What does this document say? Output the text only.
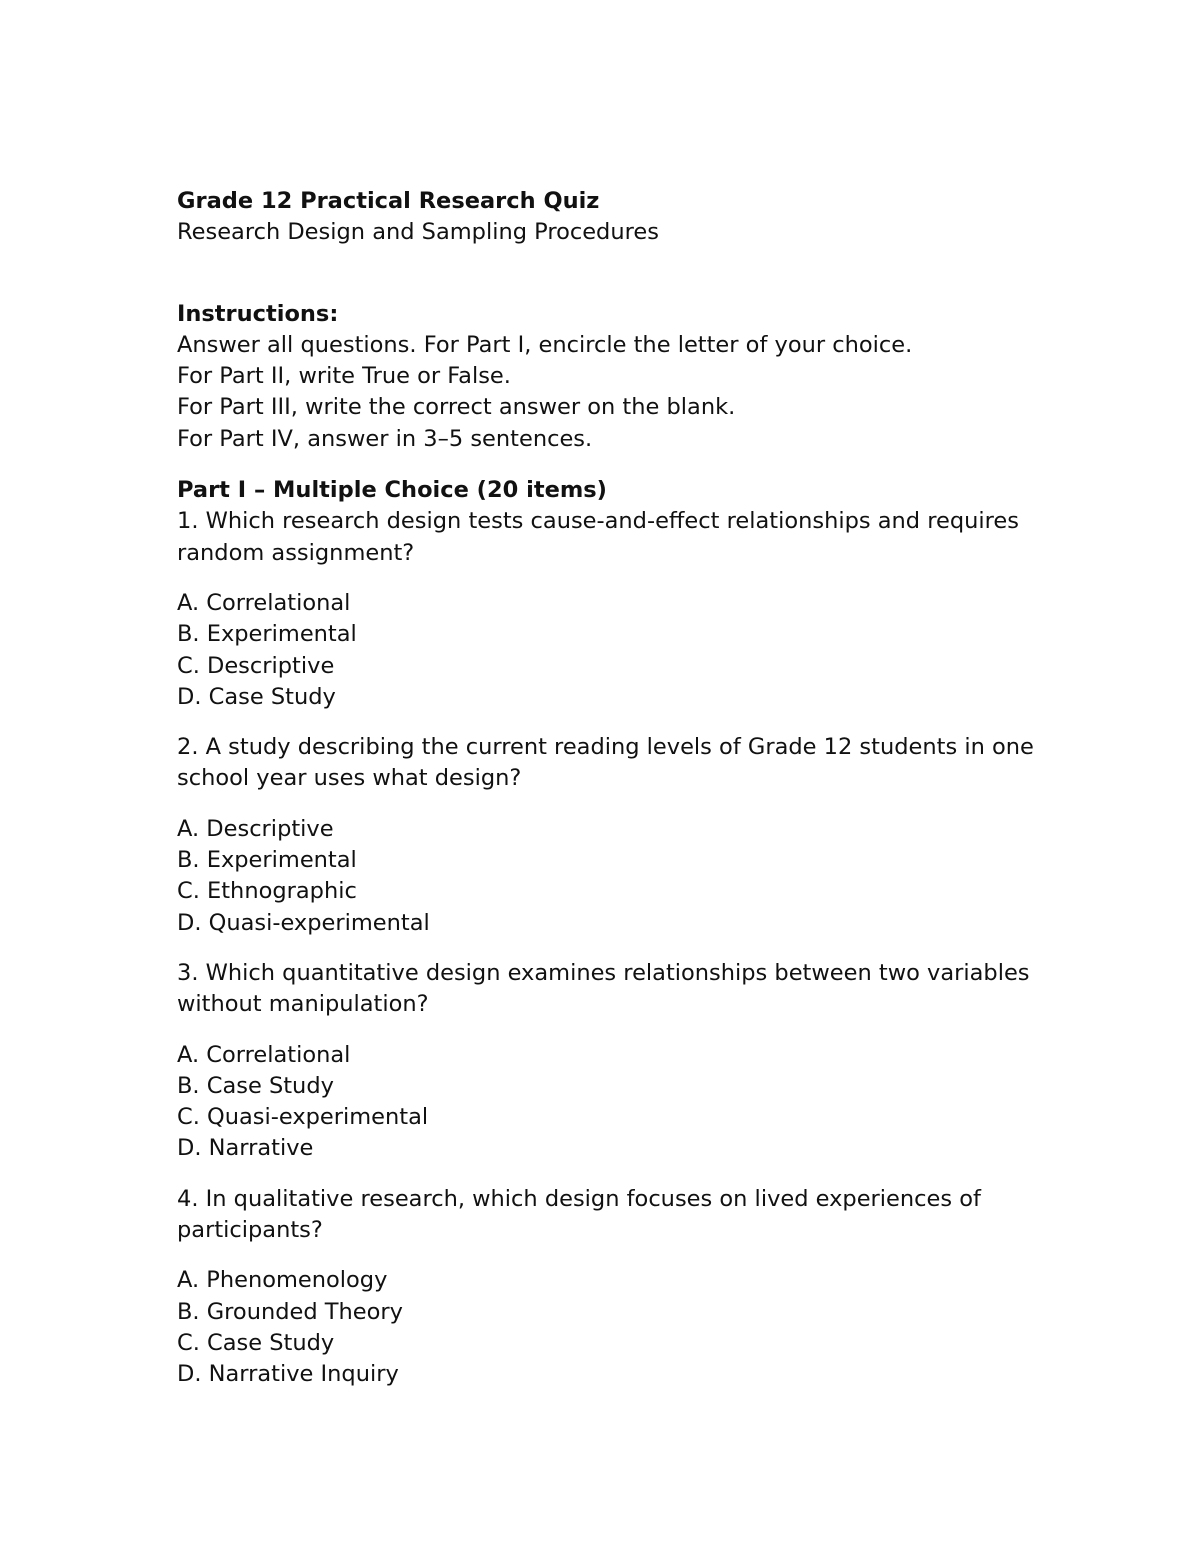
Grade 12 Practical Research Quiz
Research Design and Sampling Procedures
Instructions:
Answer all questions. For Part I, encircle the letter of your choice.
For Part II, write True or False.
For Part III, write the correct answer on the blank.
For Part IV, answer in 3–5 sentences.
Part I – Multiple Choice (20 items)
1. Which research design tests cause-and-effect relationships and requires random assignment?
A. Correlational
B. Experimental
C. Descriptive
D. Case Study
2. A study describing the current reading levels of Grade 12 students in one school year uses what design?
A. Descriptive
B. Experimental
C. Ethnographic
D. Quasi-experimental
3. Which quantitative design examines relationships between two variables without manipulation?
A. Correlational
B. Case Study
C. Quasi-experimental
D. Narrative
4. In qualitative research, which design focuses on lived experiences of participants?
A. Phenomenology
B. Grounded Theory
C. Case Study
D. Narrative Inquiry
